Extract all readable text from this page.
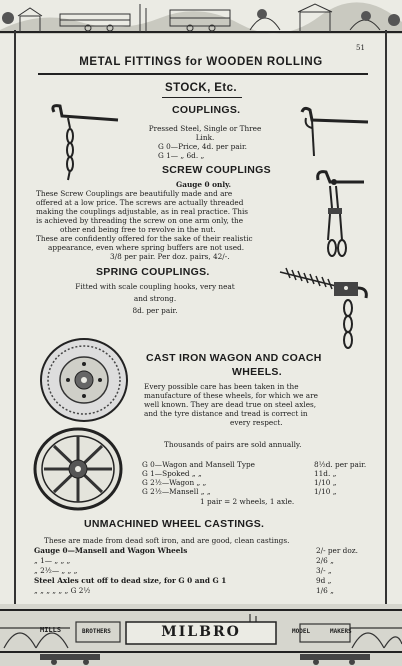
51
METAL FITTINGS for WOODEN ROLLING
STOCK, Etc.
COUPLINGS.
Pressed Steel, Single or Three
Link.
G 0—Price, 4d. per pair.
G 1— „ 6d. „
SCREW COUPLINGS
Gauge 0 only.
These Screw Couplings are beautifully made and are
offered at a low price. The screws are actually threaded
making the couplings adjustable, as in real practice. This
is achieved by threading the screw on one arm only, the
other end being free to revolve in the nut.
These are confidently offered for the sake of their realistic
appearance, even where spring buffers are not used.
3/8 per pair. Per doz. pairs, 42/-.
SPRING COUPLINGS.
Fitted with scale coupling hooks, very neat
and strong.
8d. per pair.
CAST IRON WAGON AND COACH
WHEELS.
Every possible care has been taken in the
manufacture of these wheels, for which we are
well known. They are dead true on steel axles,
and the tyre distance and tread is correct in
every respect.
Thousands of pairs are sold annually.
G 0—Wagon and Mansell Type	8½d. per pair.
G 1—Spoked „ „	11d. „
G 2½—Wagon „ „	1/10 „
G 2½—Mansell „ „	1/10 „
1 pair = 2 wheels, 1 axle.
UNMACHINED WHEEL CASTINGS.
These are made from dead soft iron, and are good, clean castings.
Gauge 0—Mansell and Wagon Wheels	2/- per doz.
„ 1— „ „ „	2/6 „
„ 2½— „ „ „	3/- „
Steel Axles cut off to dead size, for G 0 and G 1	9d „
„ „ „ „ „ „ G 2½	1/6 „
MILLS	BROTHERS	MILBRO	MODEL	MAKERS
